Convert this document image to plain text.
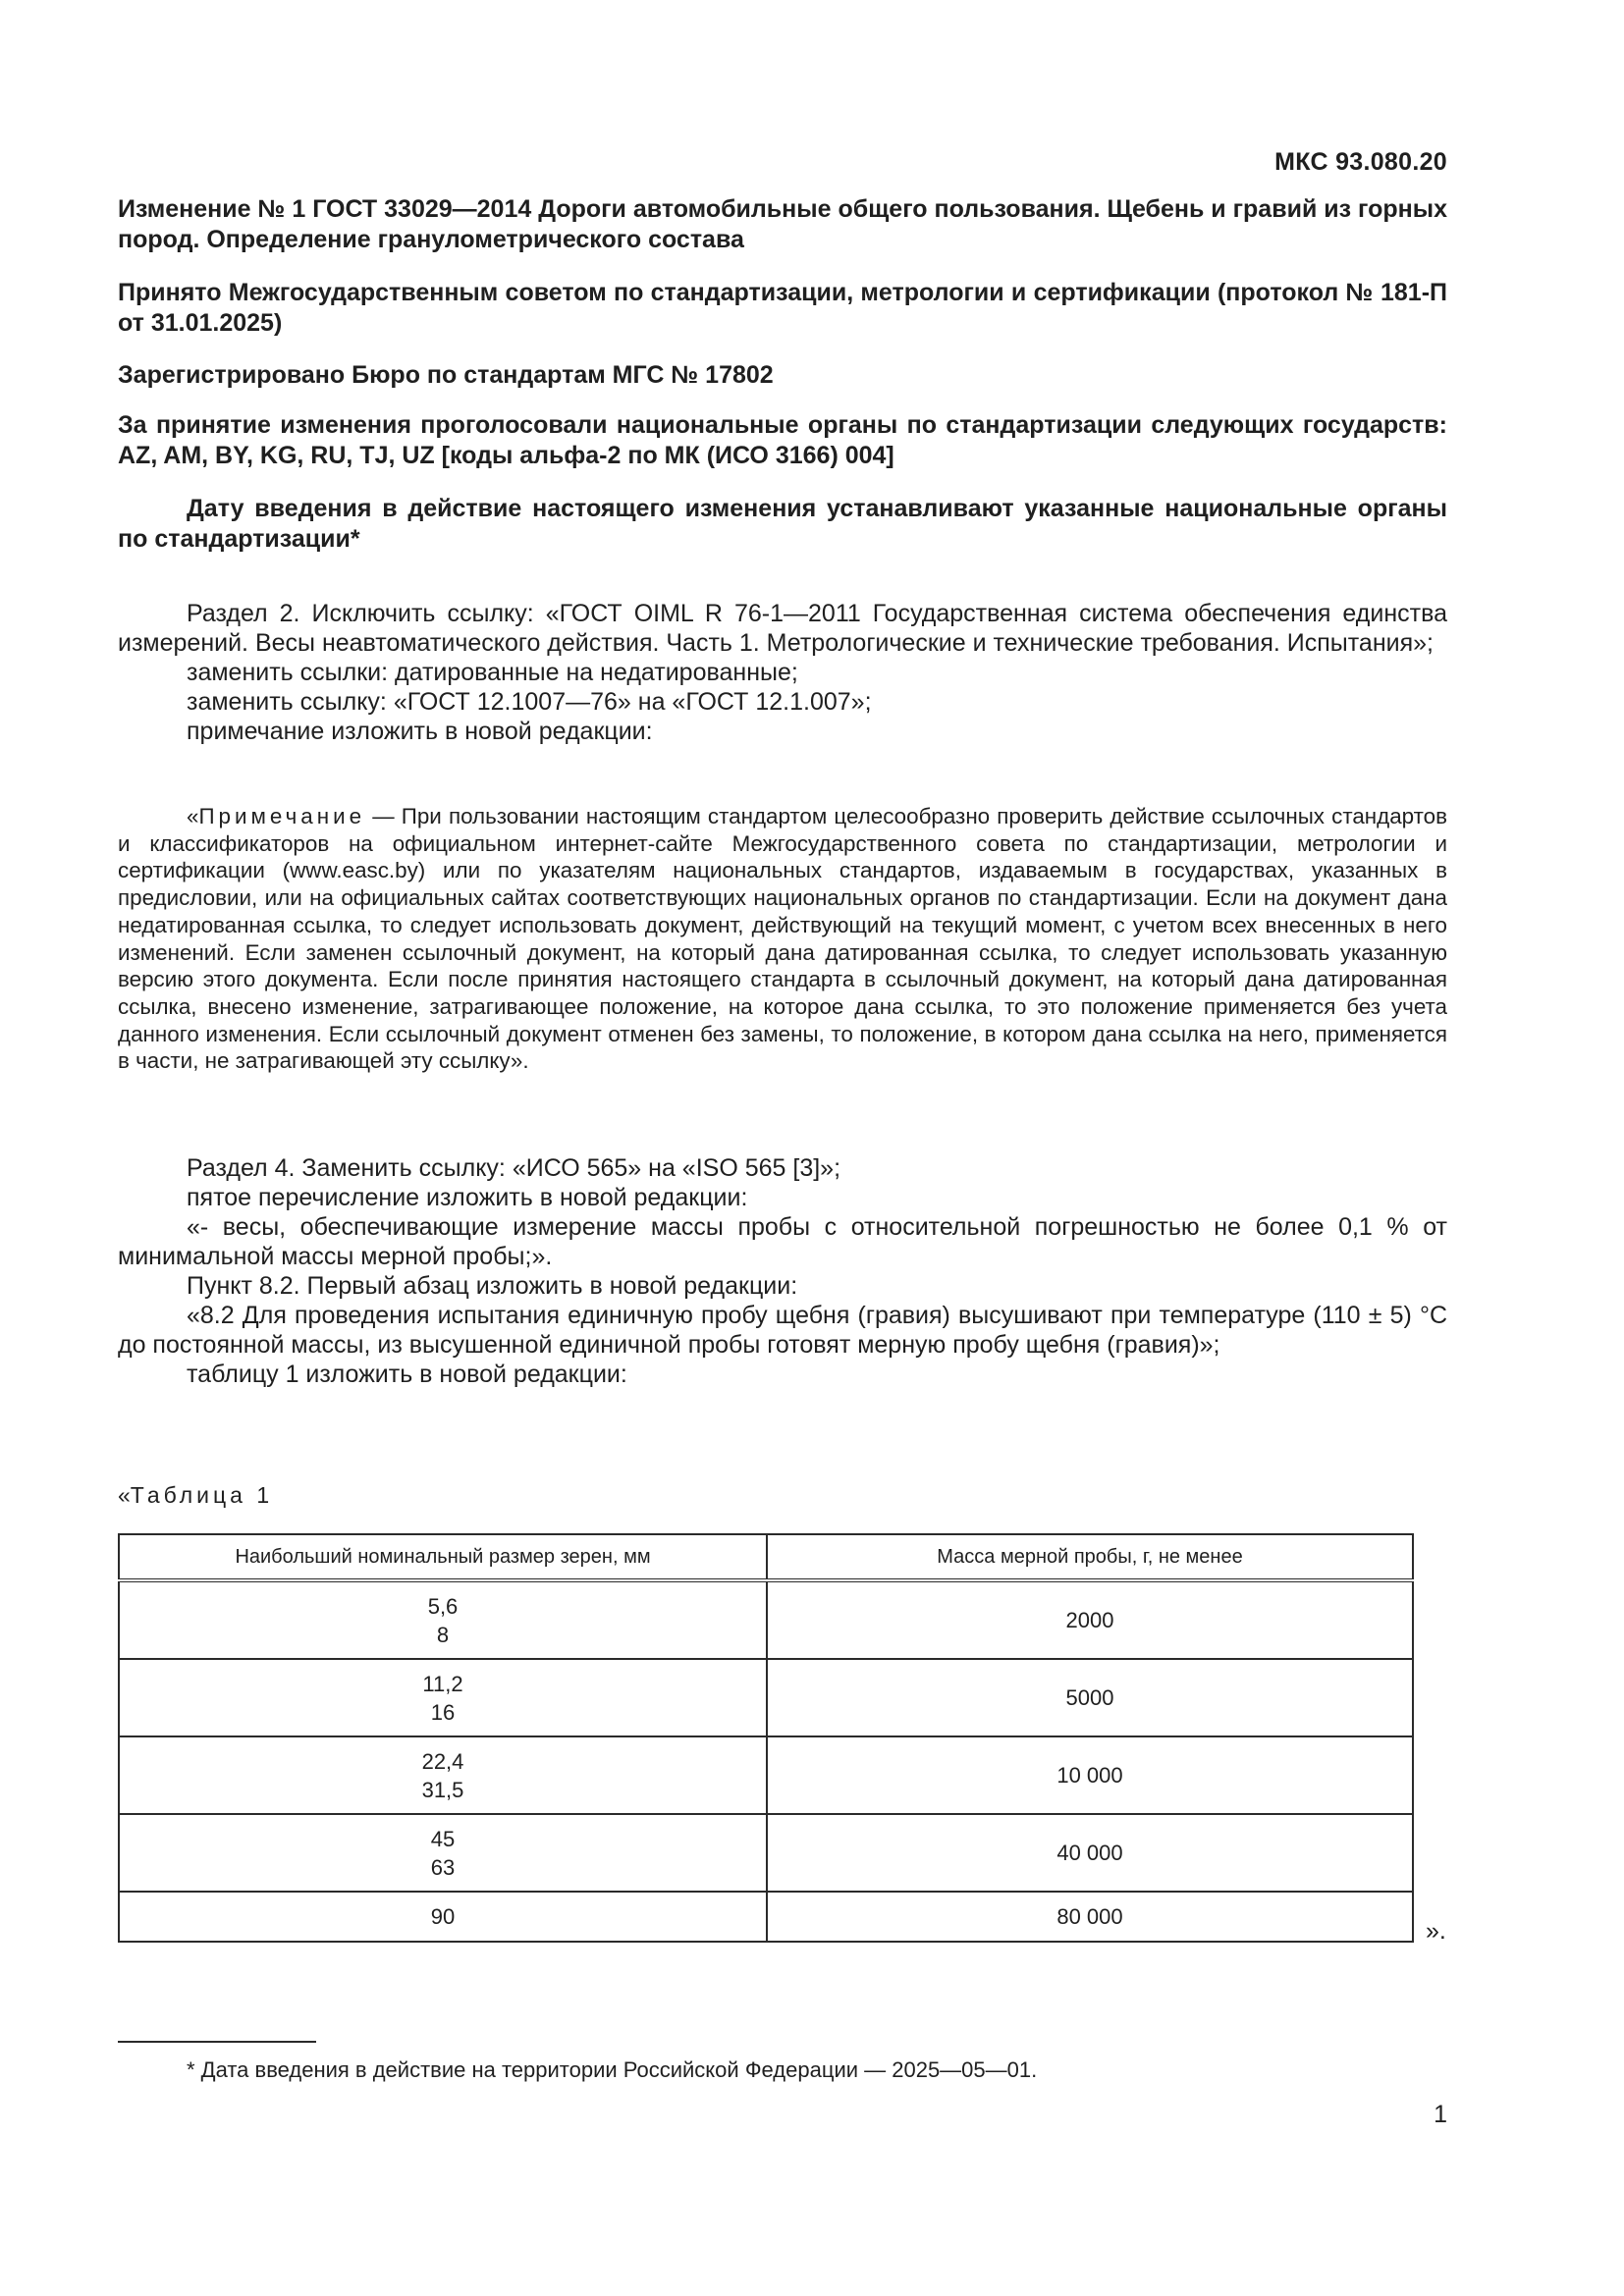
МКС 93.080.20

Изменение № 1 ГОСТ 33029—2014 Дороги автомобильные общего пользования. Щебень и гравий из горных пород. Определение гранулометрического состава

Принято Межгосударственным советом по стандартизации, метрологии и сертификации (протокол № 181-П от 31.01.2025)

Зарегистрировано Бюро по стандартам МГС № 17802

За принятие изменения проголосовали национальные органы по стандартизации следующих государств: AZ, AM, BY, KG, RU, TJ, UZ [коды альфа-2 по МК (ИСО 3166) 004]

Дату введения в действие настоящего изменения устанавливают указанные национальные органы по стандартизации*

Раздел 2. Исключить ссылку: «ГОСТ OIML R 76-1—2011 Государственная система обеспечения единства измерений. Весы неавтоматического действия. Часть 1. Метрологические и технические требования. Испытания»;

заменить ссылки: датированные на недатированные;

заменить ссылку: «ГОСТ 12.1007—76» на «ГОСТ 12.1.007»;

примечание изложить в новой редакции:

«Примечание — При пользовании настоящим стандартом целесообразно проверить действие ссылочных стандартов и классификаторов на официальном интернет-сайте Межгосударственного совета по стандартизации, метрологии и сертификации (www.easc.by) или по указателям национальных стандартов, издаваемым в государствах, указанных в предисловии, или на официальных сайтах соответствующих национальных органов по стандартизации. Если на документ дана недатированная ссылка, то следует использовать документ, действующий на текущий момент, с учетом всех внесенных в него изменений. Если заменен ссылочный документ, на который дана датированная ссылка, то следует использовать указанную версию этого документа. Если после принятия настоящего стандарта в ссылочный документ, на который дана датированная ссылка, внесено изменение, затрагивающее положение, на которое дана ссылка, то это положение применяется без учета данного изменения. Если ссылочный документ отменен без замены, то положение, в котором дана ссылка на него, применяется в части, не затрагивающей эту ссылку».

Раздел 4. Заменить ссылку: «ИСО 565» на «ISO 565 [3]»;

пятое перечисление изложить в новой редакции:

«- весы, обеспечивающие измерение массы пробы с относительной погрешностью не более 0,1 % от минимальной массы мерной пробы;».

Пункт 8.2. Первый абзац изложить в новой редакции:

«8.2 Для проведения испытания единичную пробу щебня (гравия) высушивают при температуре (110 ± 5) °C до постоянной массы, из высушенной единичной пробы готовят мерную пробу щебня (гравия)»;

таблицу 1 изложить в новой редакции:

«Таблица 1
Наибольший номинальный размер зерен, мм	Масса мерной пробы, г, не менее

5,6
8	2000

11,2
16	5000

22,4
31,5	10 000

45
63	40 000

90	80 000
».
* Дата введения в действие на территории Российской Федерации — 2025—05—01.
1
